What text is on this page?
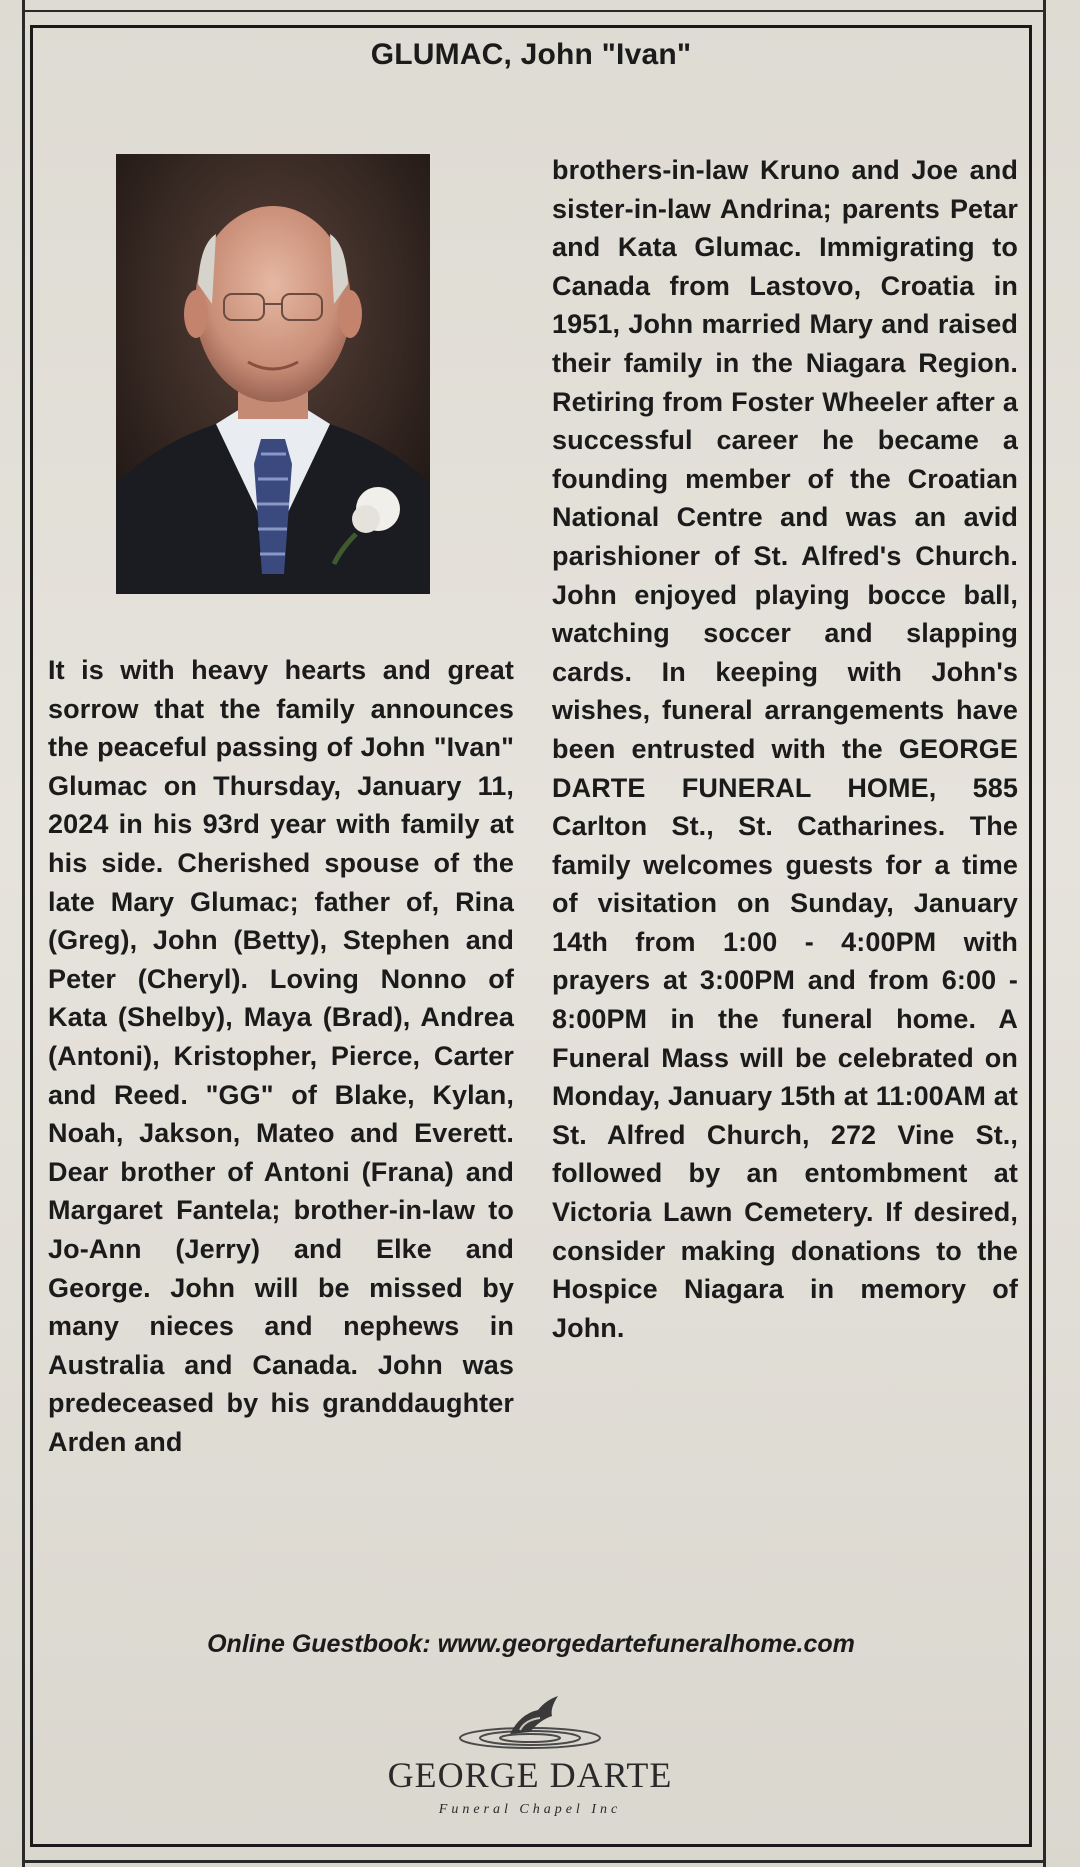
GLUMAC, John "Ivan"
It is with heavy hearts and great sorrow that the family announces the peaceful passing of John "Ivan" Glumac on Thursday, January 11, 2024 in his 93rd year with family at his side. Cherished spouse of the late Mary Glumac; father of, Rina (Greg), John (Betty), Stephen and Peter (Cheryl). Loving Nonno of Kata (Shelby), Maya (Brad), Andrea (Antoni), Kristopher, Pierce, Carter and Reed. "GG" of Blake, Kylan, Noah, Jakson, Mateo and Everett. Dear brother of Antoni (Frana) and Margaret Fantela; brother-in-law to Jo-Ann (Jerry) and Elke and George. John will be missed by many nieces and nephews in Australia and Canada. John was predeceased by his granddaughter Arden and
brothers-in-law Kruno and Joe and sister-in-law Andrina; parents Petar and Kata Glumac. Immigrating to Canada from Lastovo, Croatia in 1951, John married Mary and raised their family in the Niagara Region. Retiring from Foster Wheeler after a successful career he became a founding member of the Croatian National Centre and was an avid parishioner of St. Alfred's Church. John enjoyed playing bocce ball, watching soccer and slapping cards. In keeping with John's wishes, funeral arrangements have been entrusted with the GEORGE DARTE FUNERAL HOME, 585 Carlton St., St. Catharines. The family welcomes guests for a time of visitation on Sunday, January 14th from 1:00 - 4:00PM with prayers at 3:00PM and from 6:00 - 8:00PM in the funeral home. A Funeral Mass will be celebrated on Monday, January 15th at 11:00AM at St. Alfred Church, 272 Vine St., followed by an entombment at Victoria Lawn Cemetery. If desired, consider making donations to the Hospice Niagara in memory of John.
Online Guestbook: www.georgedartefuneralhome.com
GEORGE DARTE
Funeral Chapel Inc
